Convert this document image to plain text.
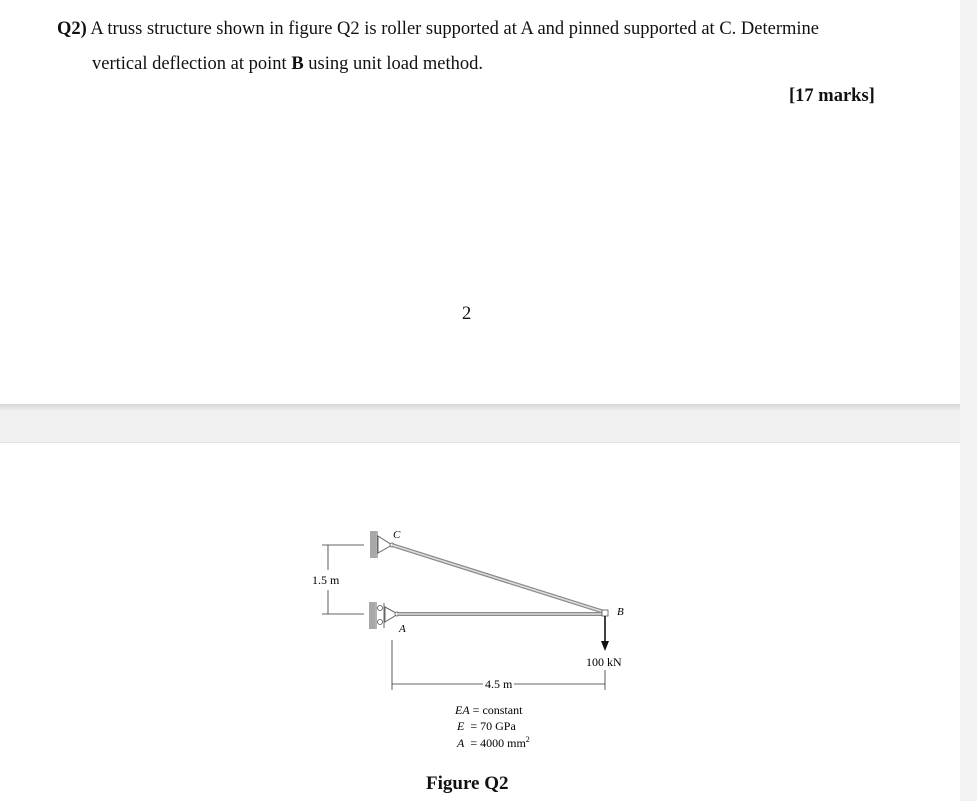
Q2) A truss structure shown in figure Q2 is roller supported at A and pinned supported at C. Determine
vertical deflection at point B using unit load method.
[17 marks]
2
C
A
B
1.5 m
4.5 m
100 kN
EA = constant
E  = 70 GPa
A  = 4000 $mm^2$
Figure Q2
